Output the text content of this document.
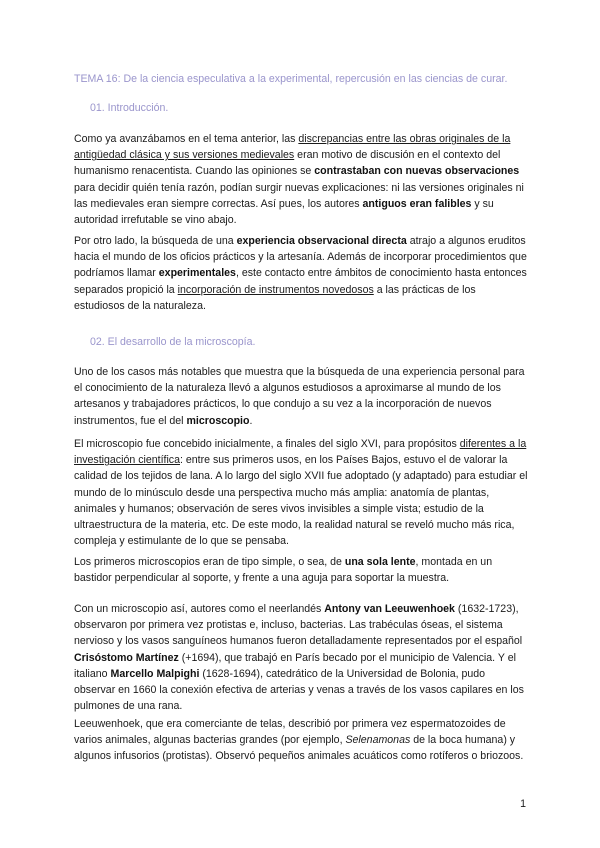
TEMA 16: De la ciencia especulativa a la experimental, repercusión en las ciencias de curar.
01. Introducción.

Como ya avanzábamos en el tema anterior, las discrepancias entre las obras originales de la antigüedad clásica y sus versiones medievales eran motivo de discusión en el contexto del humanismo renacentista. Cuando las opiniones se contrastaban con nuevas observaciones para decidir quién tenía razón, podían surgir nuevas explicaciones: ni las versiones originales ni las medievales eran siempre correctas. Así pues, los autores antiguos eran falibles y su autoridad irrefutable se vino abajo.

Por otro lado, la búsqueda de una experiencia observacional directa atrajo a algunos eruditos hacia el mundo de los oficios prácticos y la artesanía. Además de incorporar procedimientos que podríamos llamar experimentales, este contacto entre ámbitos de conocimiento hasta entonces separados propició la incorporación de instrumentos novedosos a las prácticas de los estudiosos de la naturaleza.

02. El desarrollo de la microscopía.

Uno de los casos más notables que muestra que la búsqueda de una experiencia personal para el conocimiento de la naturaleza llevó a algunos estudiosos a aproximarse al mundo de los artesanos y trabajadores prácticos, lo que condujo a su vez a la incorporación de nuevos instrumentos, fue el del microscopio.

El microscopio fue concebido inicialmente, a finales del siglo XVI, para propósitos diferentes a la investigación científica: entre sus primeros usos, en los Países Bajos, estuvo el de valorar la calidad de los tejidos de lana. A lo largo del siglo XVII fue adoptado (y adaptado) para estudiar el mundo de lo minúsculo desde una perspectiva mucho más amplia: anatomía de plantas, animales y humanos; observación de seres vivos invisibles a simple vista; estudio de la ultraestructura de la materia, etc. De este modo, la realidad natural se reveló mucho más rica, compleja y estimulante de lo que se pensaba.

Los primeros microscopios eran de tipo simple, o sea, de una sola lente, montada en un bastidor perpendicular al soporte, y frente a una aguja para soportar la muestra.

Con un microscopio así, autores como el neerlandés Antony van Leeuwenhoek (1632-1723), observaron por primera vez protistas e, incluso, bacterias. Las trabéculas óseas, el sistema nervioso y los vasos sanguíneos humanos fueron detalladamente representados por el español Crisóstomo Martínez (+1694), que trabajó en París becado por el municipio de Valencia. Y el italiano Marcello Malpighi (1628-1694), catedrático de la Universidad de Bolonia, pudo observar en 1660 la conexión efectiva de arterias y venas a través de los vasos capilares en los pulmones de una rana.

Leeuwenhoek, que era comerciante de telas, describió por primera vez espermatozoides de varios animales, algunas bacterias grandes (por ejemplo, Selenamonas de la boca humana) y algunos infusorios (protistas). Observó pequeños animales acuáticos como rotíferos o briozoos.

1
